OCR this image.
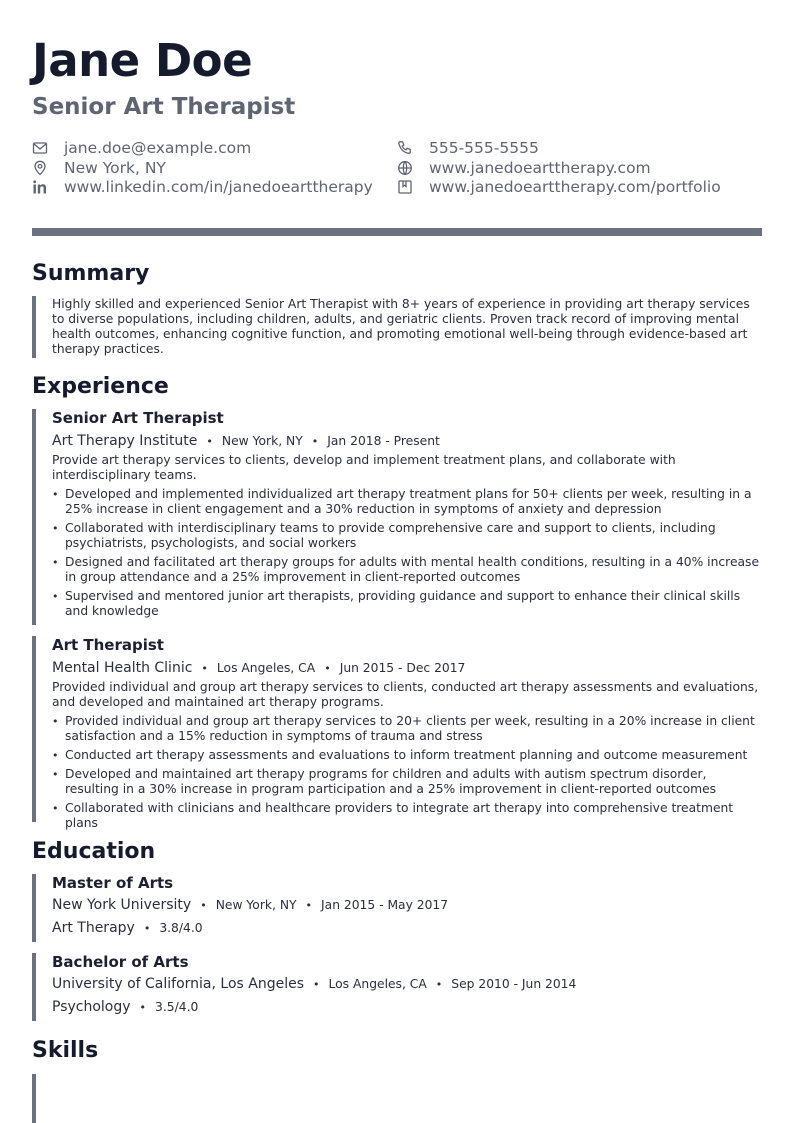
Jane Doe
Senior Art Therapist
jane.doe@example.com	555-555-5555
New York, NY	www.janedoearttherapy.com
www.linkedin.com/in/janedoearttherapy	www.janedoearttherapy.com/portfolio
Summary
Highly skilled and experienced Senior Art Therapist with 8+ years of experience in providing art therapy services to diverse populations, including children, adults, and geriatric clients. Proven track record of improving mental health outcomes, enhancing cognitive function, and promoting emotional well-being through evidence-based art therapy practices.
Experience
Senior Art Therapist
Art Therapy Institute • New York, NY • Jan 2018 - Present
Provide art therapy services to clients, develop and implement treatment plans, and collaborate with interdisciplinary teams.
• Developed and implemented individualized art therapy treatment plans for 50+ clients per week, resulting in a 25% increase in client engagement and a 30% reduction in symptoms of anxiety and depression
• Collaborated with interdisciplinary teams to provide comprehensive care and support to clients, including psychiatrists, psychologists, and social workers
• Designed and facilitated art therapy groups for adults with mental health conditions, resulting in a 40% increase in group attendance and a 25% improvement in client-reported outcomes
• Supervised and mentored junior art therapists, providing guidance and support to enhance their clinical skills and knowledge
Art Therapist
Mental Health Clinic • Los Angeles, CA • Jun 2015 - Dec 2017
Provided individual and group art therapy services to clients, conducted art therapy assessments and evaluations, and developed and maintained art therapy programs.
• Provided individual and group art therapy services to 20+ clients per week, resulting in a 20% increase in client satisfaction and a 15% reduction in symptoms of trauma and stress
• Conducted art therapy assessments and evaluations to inform treatment planning and outcome measurement
• Developed and maintained art therapy programs for children and adults with autism spectrum disorder, resulting in a 30% increase in program participation and a 25% improvement in client-reported outcomes
• Collaborated with clinicians and healthcare providers to integrate art therapy into comprehensive treatment plans
Education
Master of Arts
New York University • New York, NY • Jan 2015 - May 2017
Art Therapy • 3.8/4.0
Bachelor of Arts
University of California, Los Angeles • Los Angeles, CA • Sep 2010 - Jun 2014
Psychology • 3.5/4.0
Skills
